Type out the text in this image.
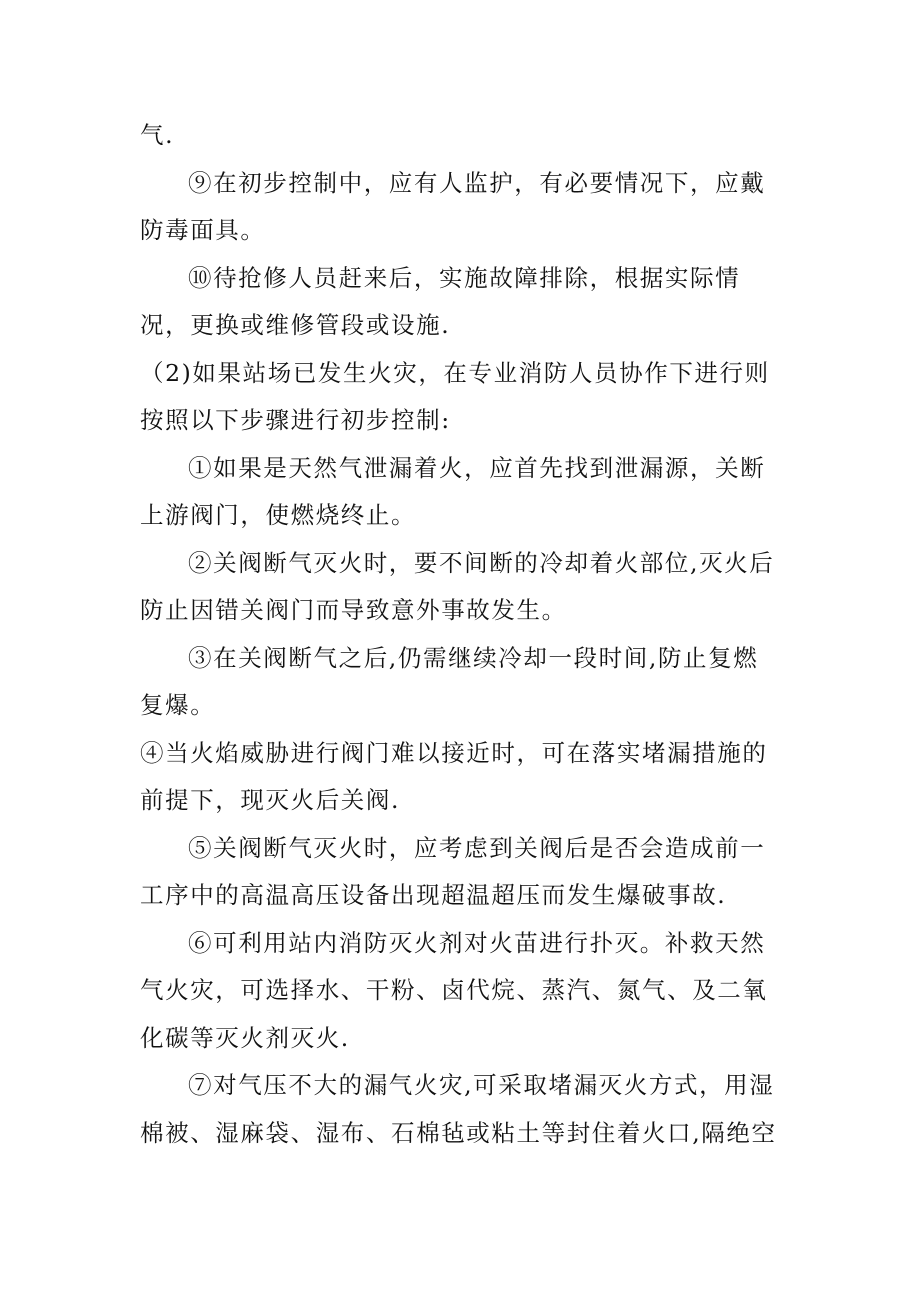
气.

⑨在初步控制中，应有人监护，有必要情况下，应戴防毒面具。

⑩待抢修人员赶来后，实施故障排除，根据实际情况，更换或维修管段或设施.

（2)如果站场已发生火灾，在专业消防人员协作下进行则按照以下步骤进行初步控制:

①如果是天然气泄漏着火，应首先找到泄漏源，关断上游阀门，使燃烧终止。

②关阀断气灭火时，要不间断的冷却着火部位,灭火后防止因错关阀门而导致意外事故发生。

③在关阀断气之后,仍需继续冷却一段时间,防止复燃复爆。

④当火焰威胁进行阀门难以接近时，可在落实堵漏措施的前提下，现灭火后关阀.

⑤关阀断气灭火时，应考虑到关阀后是否会造成前一工序中的高温高压设备出现超温超压而发生爆破事故.

⑥可利用站内消防灭火剂对火苗进行扑灭。补救天然气火灾，可选择水、干粉、卤代烷、蒸汽、氮气、及二氧化碳等灭火剂灭火.

⑦对气压不大的漏气火灾,可采取堵漏灭火方式，用湿棉被、湿麻袋、湿布、石棉毡或粘土等封住着火口,隔绝空
